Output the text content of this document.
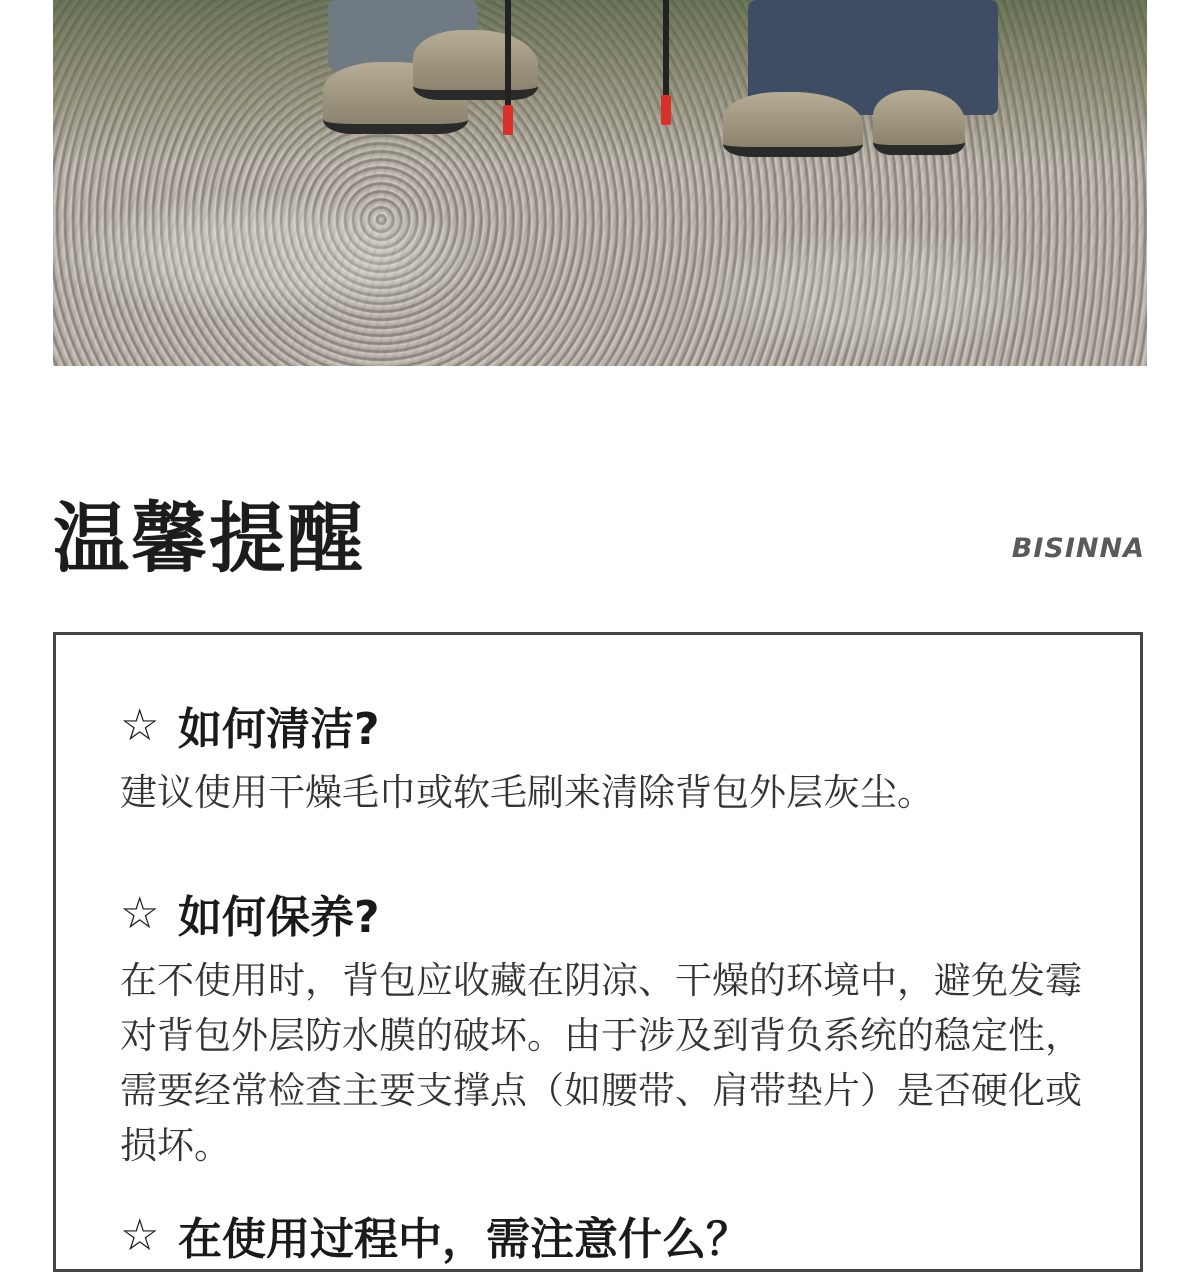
温馨提醒	BISINNA
☆ 如何清洁?

建议使用干燥毛巾或软毛刷来清除背包外层灰尘。

☆ 如何保养?

在不使用时，背包应收藏在阴凉、干燥的环境中，避免发霉对背包外层防水膜的破坏。由于涉及到背负系统的稳定性，需要经常检查主要支撑点（如腰带、肩带垫片）是否硬化或损坏。

☆ 在使用过程中，需注意什么？
